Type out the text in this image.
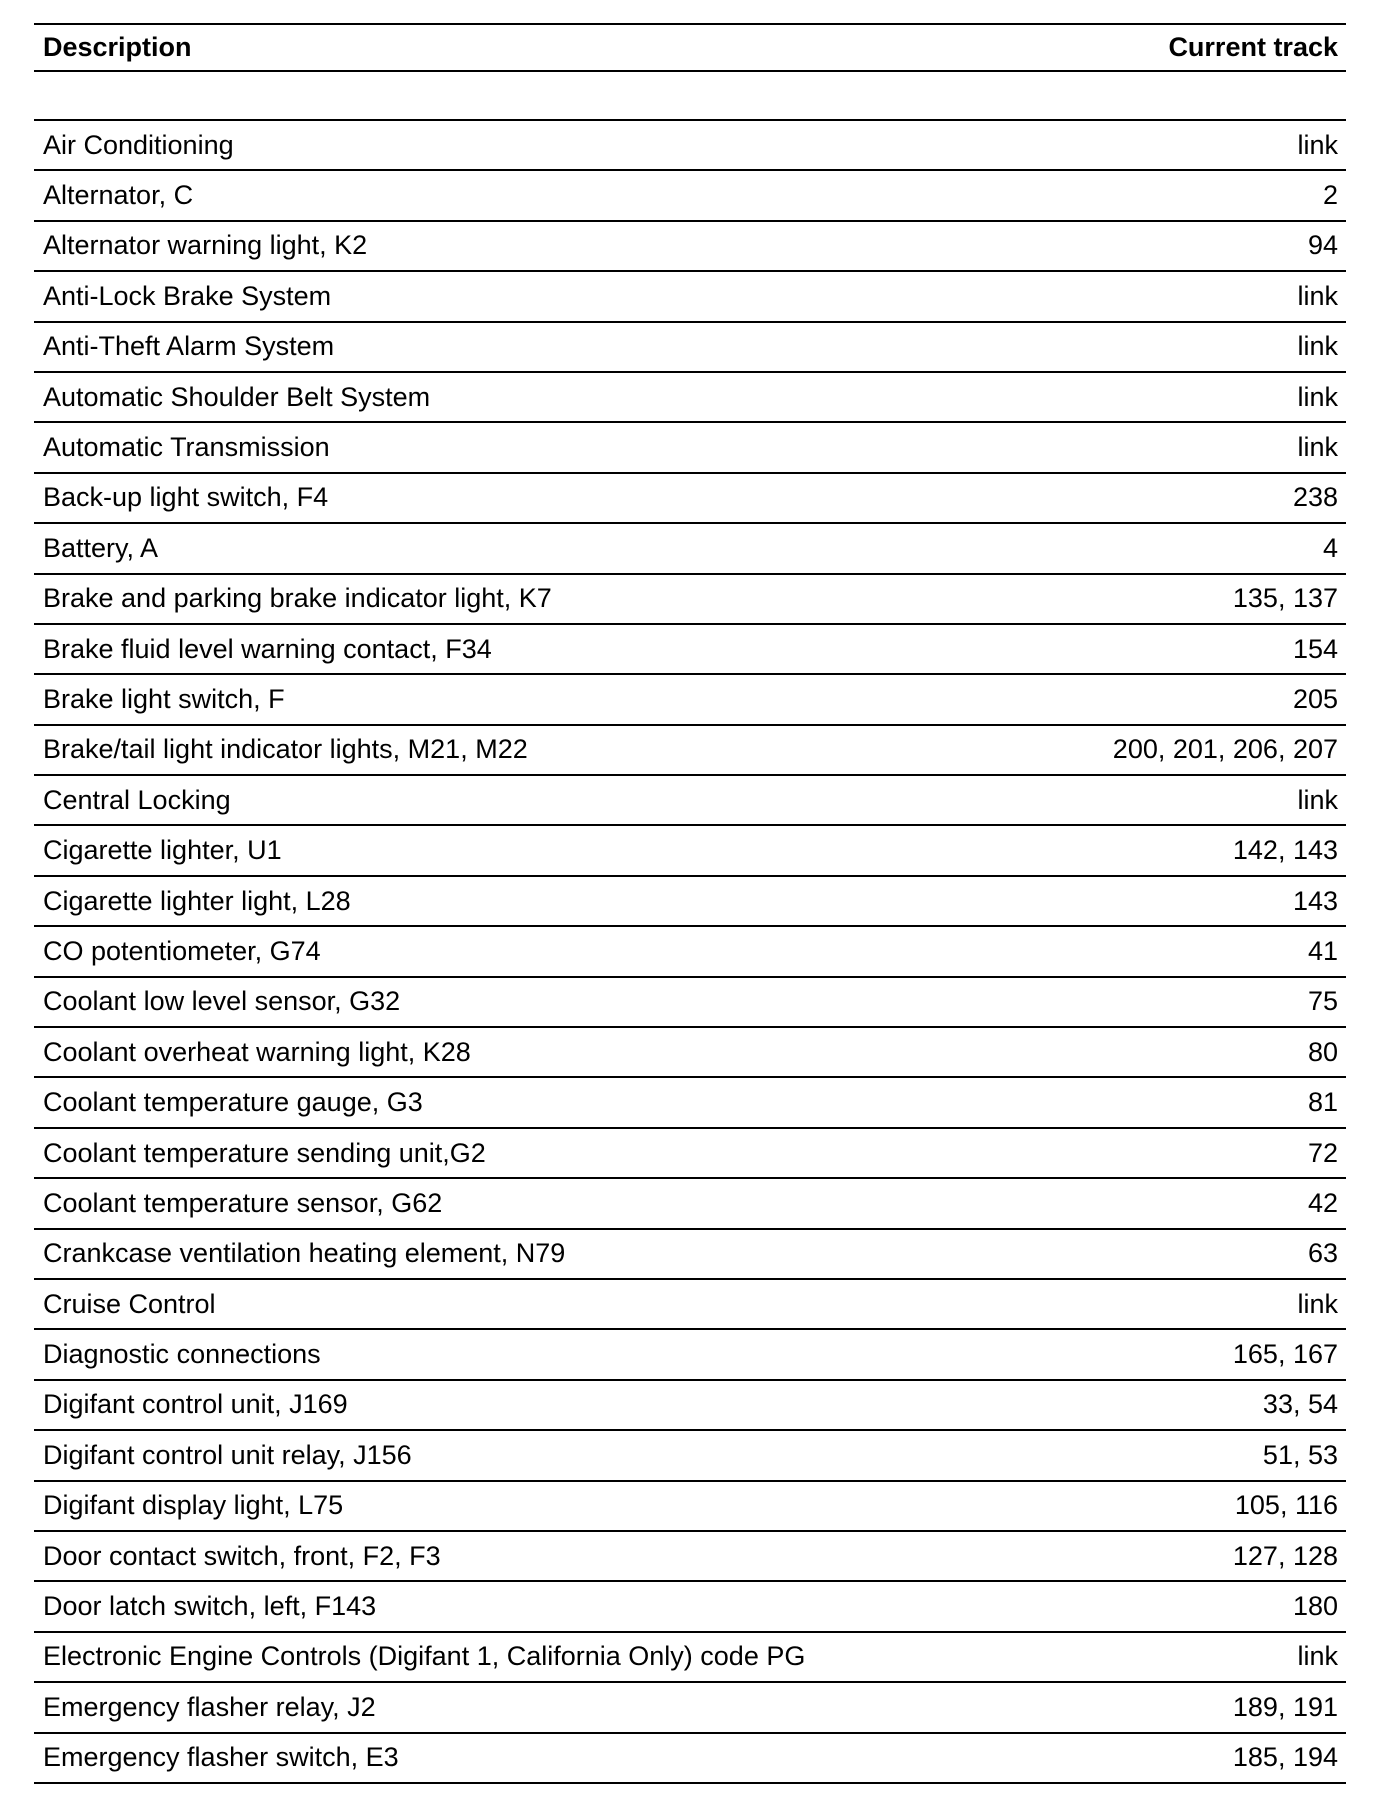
Description	Current track
Air Conditioning	link
Alternator, C	2
Alternator warning light, K2	94
Anti-Lock Brake System	link
Anti-Theft Alarm System	link
Automatic Shoulder Belt System	link
Automatic Transmission	link
Back-up light switch, F4	238
Battery, A	4
Brake and parking brake indicator light, K7	135, 137
Brake fluid level warning contact, F34	154
Brake light switch, F	205
Brake/tail light indicator lights, M21, M22	200, 201, 206, 207
Central Locking	link
Cigarette lighter, U1	142, 143
Cigarette lighter light, L28	143
CO potentiometer, G74	41
Coolant low level sensor, G32	75
Coolant overheat warning light, K28	80
Coolant temperature gauge, G3	81
Coolant temperature sending unit,G2	72
Coolant temperature sensor, G62	42
Crankcase ventilation heating element, N79	63
Cruise Control	link
Diagnostic connections	165, 167
Digifant control unit, J169	33, 54
Digifant control unit relay, J156	51, 53
Digifant display light, L75	105, 116
Door contact switch, front, F2, F3	127, 128
Door latch switch, left, F143	180
Electronic Engine Controls (Digifant 1, California Only) code PG	link
Emergency flasher relay, J2	189, 191
Emergency flasher switch, E3	185, 194
